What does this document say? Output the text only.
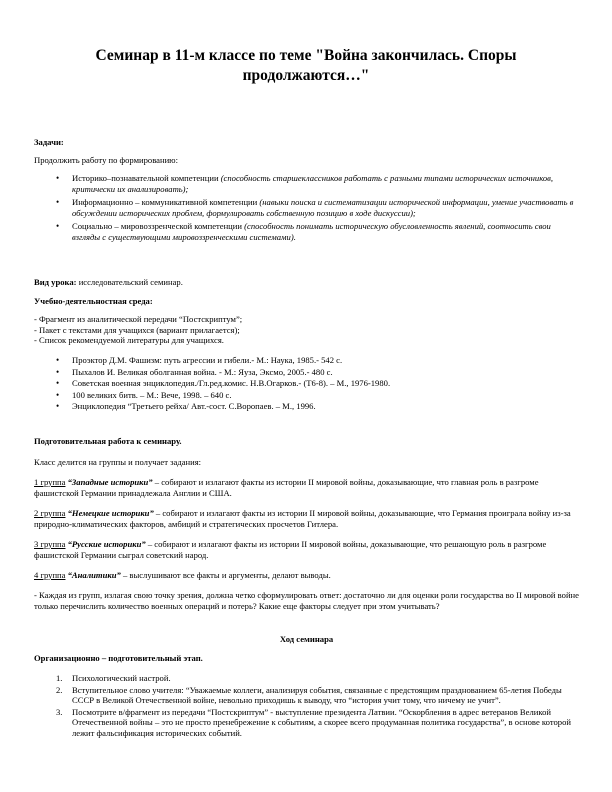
Семинар в 11-м классе по теме "Война закончилась. Споры
продолжаются…"
Задачи:
Продолжить работу по формированию:
• Историко–познавательной компетенции (способность старшеклассников работать с разными типами исторических источников, критически их анализировать);
• Информационно – коммуникативной компетенции (навыки поиска и систематизации исторической информации, умение участвовать в обсуждении исторических проблем, формулировать собственную позицию в ходе дискуссии);
• Социально – мировоззренческой компетенции (способность понимать историческую обусловленность явлений, соотносить свои взгляды с существующими мировоззренческими системами).
Вид урока: исследовательский семинар.
Учебно-деятельностная среда:
- Фрагмент из аналитической передачи “Постскриптум”;
- Пакет с текстами для учащихся (вариант прилагается);
- Список рекомендуемой литературы для учащихся.
• Проэктор Д.М. Фашизм: путь агрессии и гибели.- М.: Наука, 1985.- 542 с.
• Пыхалов И. Великая оболганная война. - М.: Яуза, Эксмо, 2005.- 480 с.
• Советская военная энциклопедия./Гл.ред.комис. Н.В.Огарков.- (Т6-8). – М., 1976-1980.
• 100 великих битв. – М.: Вече, 1998. – 640 с.
• Энциклопедия “Третьего рейха/ Авт.-сост. С.Воропаев. – М., 1996.
Подготовительная работа к семинару.
Класс делится на группы и получает задания:
1 группа “Западные историки” – собирают и излагают факты из истории II мировой войны, доказывающие, что главная роль в разгроме фашистской Германии принадлежала Англии и США.
2 группа “Немецкие историки” – собирают и излагают факты из истории II мировой войны, доказывающие, что Германия проиграла войну из-за природно-климатических факторов, амбиций и стратегических просчетов Гитлера.
3 группа “Русские историки” – собирают и излагают факты из истории II мировой войны, доказывающие, что решающую роль в разгроме фашистской Германии сыграл советский народ.
4 группа “Аналитики” – выслушивают все факты и аргументы, делают выводы.
- Каждая из групп, излагая свою точку зрения, должна четко сформулировать ответ: достаточно ли для оценки роли государства во II мировой войне только перечислить количество военных операций и потерь? Какие еще факторы следует при этом учитывать?
Ход семинара
Организационно – подготовительный этап.
1. Психологический настрой.
2. Вступительное слово учителя: “Уважаемые коллеги, анализируя события, связанные с предстоящим празднованием 65-летия Победы СССР в Великой Отечественной войне, невольно приходишь к выводу, что “история учит тому, что ничему не учит”.
3. Посмотрите в/фрагмент из передачи “Постскриптум” - выступление президента Латвии. “Оскорбления в адрес ветеранов Великой Отечественной войны – это не просто пренебрежение к событиям, а скорее всего продуманная политика государства”, в основе которой лежит фальсификация исторических событий.
